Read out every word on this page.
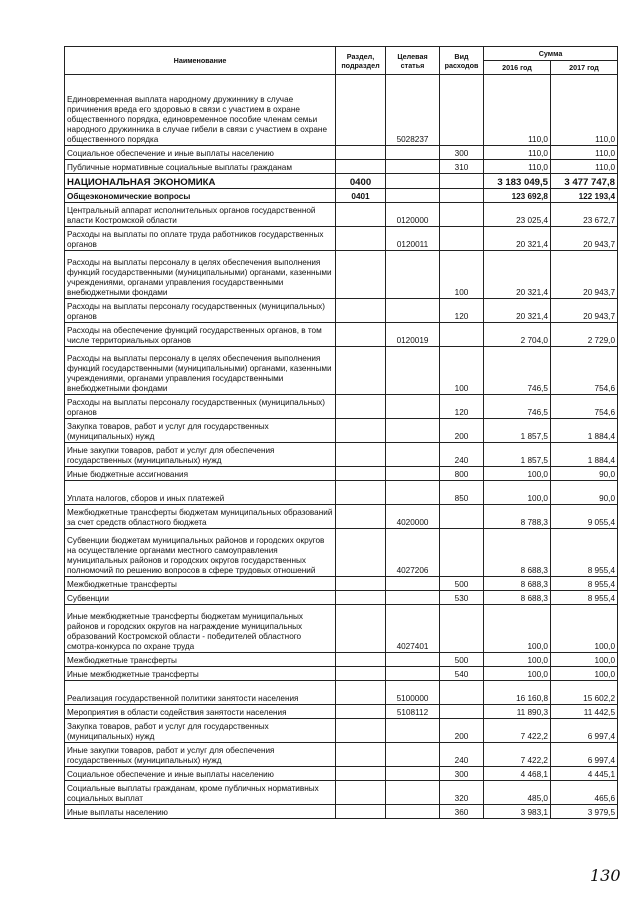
Наименование	Раздел, подраздел	Целевая статья	Вид расходов	Сумма	
				2016 год	2017 год
Единовременная выплата народному дружиннику в случае причинения вреда его здоровью в связи с участием в охране общественного порядка, единовременное пособие членам семьи народного дружинника в случае гибели в связи с участием в охране общественного порядка		5028237		110,0	110,0
Социальное обеспечение и иные выплаты населению			300	110,0	110,0
Публичные нормативные социальные выплаты гражданам			310	110,0	110,0
НАЦИОНАЛЬНАЯ ЭКОНОМИКА	0400			3 183 049,5	3 477 747,8
Общеэкономические вопросы	0401			123 692,8	122 193,4
Центральный аппарат исполнительных органов государственной власти Костромской области		0120000		23 025,4	23 672,7
Расходы на выплаты по оплате труда работников государственных органов		0120011		20 321,4	20 943,7
Расходы на выплаты персоналу в целях обеспечения выполнения функций государственными (муниципальными) органами, казенными учреждениями, органами управления государственными внебюджетными фондами			100	20 321,4	20 943,7
Расходы на выплаты персоналу государственных (муниципальных) органов			120	20 321,4	20 943,7
Расходы на обеспечение функций государственных органов, в том числе территориальных органов		0120019		2 704,0	2 729,0
Расходы на выплаты персоналу в целях обеспечения выполнения функций государственными (муниципальными) органами, казенными учреждениями, органами управления государственными внебюджетными фондами			100	746,5	754,6
Расходы на выплаты персоналу государственных (муниципальных) органов			120	746,5	754,6
Закупка товаров, работ и услуг для государственных (муниципальных) нужд			200	1 857,5	1 884,4
Иные закупки товаров, работ и услуг для обеспечения государственных (муниципальных) нужд			240	1 857,5	1 884,4
Иные бюджетные ассигнования			800	100,0	90,0
Уплата налогов, сборов и иных платежей			850	100,0	90,0
Межбюджетные трансферты бюджетам муниципальных образований за счет средств областного бюджета		4020000		8 788,3	9 055,4
Субвенции бюджетам муниципальных районов и городских округов на осуществление органами местного самоуправления муниципальных районов и городских округов государственных полномочий по решению вопросов в сфере трудовых отношений		4027206		8 688,3	8 955,4
Межбюджетные трансферты			500	8 688,3	8 955,4
Субвенции			530	8 688,3	8 955,4
Иные межбюджетные трансферты бюджетам муниципальных районов и городских округов на награждение муниципальных образований Костромской области - победителей областного смотра-конкурса по охране труда		4027401		100,0	100,0
Межбюджетные трансферты			500	100,0	100,0
Иные межбюджетные трансферты			540	100,0	100,0
Реализация государственной политики занятости населения		5100000		16 160,8	15 602,2
Мероприятия в области содействия занятости населения		5108112		11 890,3	11 442,5
Закупка товаров, работ и услуг для государственных (муниципальных) нужд			200	7 422,2	6 997,4
Иные закупки товаров, работ и услуг для обеспечения государственных (муниципальных) нужд			240	7 422,2	6 997,4
Социальное обеспечение и иные выплаты населению			300	4 468,1	4 445,1
Социальные выплаты гражданам, кроме публичных нормативных социальных выплат			320	485,0	465,6
Иные выплаты населению			360	3 983,1	3 979,5
130
